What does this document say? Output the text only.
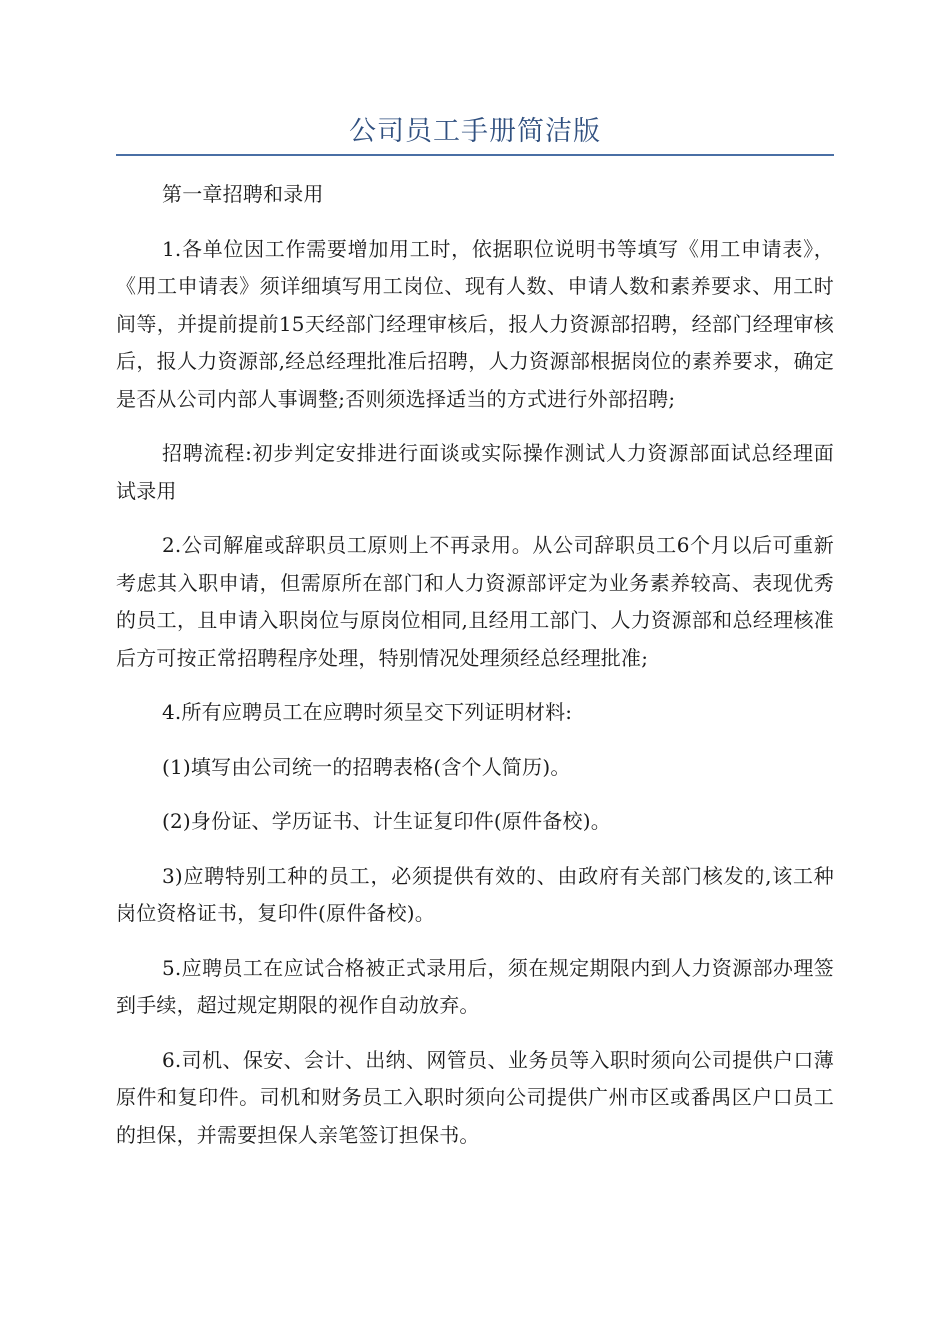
公司员工手册简洁版

第一章招聘和录用

1.各单位因工作需要增加用工时，依据职位说明书等填写《用工申请表》，《用工申请表》须详细填写用工岗位、现有人数、申请人数和素养要求、用工时间等，并提前提前15天经部门经理审核后，报人力资源部招聘，经部门经理审核后，报人力资源部,经总经理批准后招聘，人力资源部根据岗位的素养要求，确定是否从公司内部人事调整;否则须选择适当的方式进行外部招聘;

招聘流程:初步判定安排进行面谈或实际操作测试人力资源部面试总经理面试录用

2.公司解雇或辞职员工原则上不再录用。从公司辞职员工6个月以后可重新考虑其入职申请，但需原所在部门和人力资源部评定为业务素养较高、表现优秀的员工，且申请入职岗位与原岗位相同,且经用工部门、人力资源部和总经理核准后方可按正常招聘程序处理，特别情况处理须经总经理批准;

4.所有应聘员工在应聘时须呈交下列证明材料:

(1)填写由公司统一的招聘表格(含个人简历)。

(2)身份证、学历证书、计生证复印件(原件备校)。

3)应聘特别工种的员工，必须提供有效的、由政府有关部门核发的,该工种岗位资格证书，复印件(原件备校)。

5.应聘员工在应试合格被正式录用后，须在规定期限内到人力资源部办理签到手续，超过规定期限的视作自动放弃。

6.司机、保安、会计、出纳、网管员、业务员等入职时须向公司提供户口薄原件和复印件。司机和财务员工入职时须向公司提供广州市区或番禺区户口员工的担保，并需要担保人亲笔签订担保书。
